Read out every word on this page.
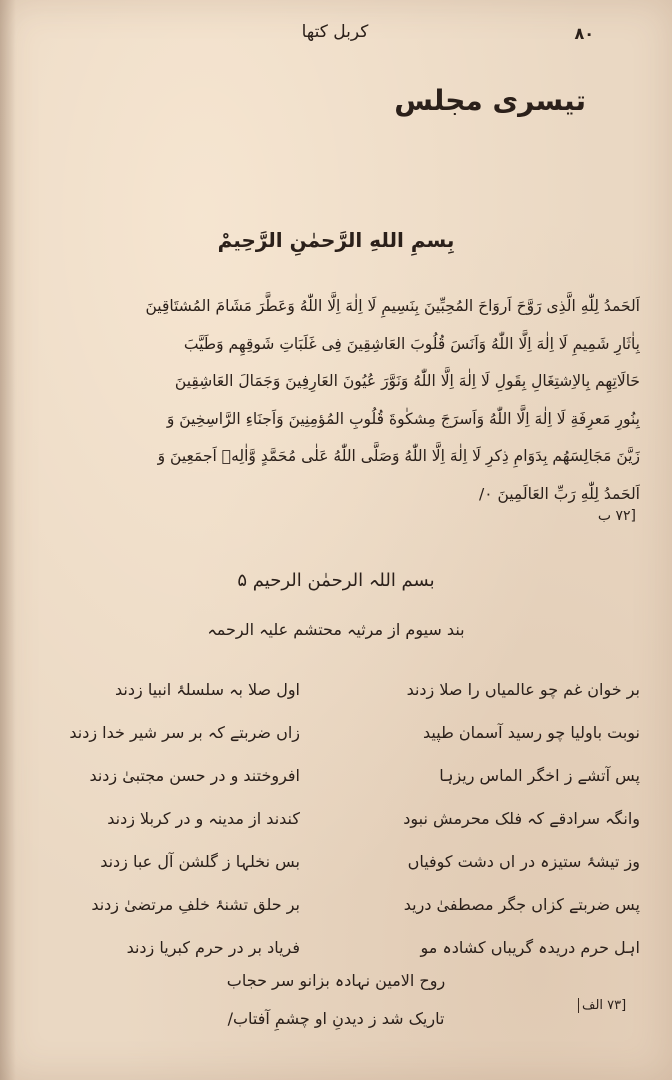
کربل کتھا	۸۰
تیسری مجلس
بِسمِ اللهِ الرَّحمٰنِ الرَّحِيمْ
اَلحَمدُ لِلّٰهِ الَّذِی رَوَّحَ اَروَاحَ المُحِبِّینَ بِنَسِیمِ لَا اِلٰهَ اِلَّا اللّٰهُ وَعَطَّرَ مَشَامَ المُشتَاقِینَ
بِاٰثَارِ شَمِیمِ لَا اِلٰهَ اِلَّا اللّٰهُ وَاَنَسَ قُلُوبَ العَاشِقِینَ فِی غَلَبَاتِ شَوقِهِم وَطَیَّبَ
حَالَاتِهِم بِالاِشتِغَالِ بِقَولِ لَا اِلٰهَ اِلَّا اللّٰهُ وَنَوَّرَ عُیُونَ العَارِفِینَ وَجَمَالَ العَاشِقِینَ
بِنُورِ مَعرِفَةِ لَا اِلٰهَ اِلَّا اللّٰهُ وَاَسرَجَ مِشکٰوةَ قُلُوبِ المُؤمِنِینَ وَاَجنَاءِ الرَّاسِخِینَ وَ
زَیَّنَ مَجَالِسَهُم بِدَوَامِ ذِکرِ لَا اِلٰهَ اِلَّا اللّٰهُ وَصَلَّی اللّٰهُ عَلٰی مُحَمَّدٍ وَّاٰلِهٖ اَجمَعِینَ وَ
اَلحَمدُ لِلّٰهِ رَبِّ العَالَمِینَ ۰/
[۷۲ ب
بسم اللہ الرحمٰن الرحیم ۵
بند سیوم از مرثیہ محتشم علیہ الرحمہ
بر خوانِ غم چو عالمیاں را صلا زدند
اول صلا بہ سلسلۂ انبیا زدند
نوبت باولیا چو رسید آسمان طپید
زاں ضربتے کہ بر سرِ شیرِ خدا زدند
پس آتشے ز اخگرِ الماس ریزہا
افروختند و در حسنِ مجتبیٰ زدند
وانگہ سرادقے کہ فلک محرمش نبود
کندند از مدینہ و در کربلا زدند
وز تیشۂ ستیزہ در اں دشت کوفیاں
بس نخلہا ز گلشنِ آلِ عبا زدند
پس ضربتے کزاں جگرِ مصطفیٰ درید
بر حلقِ تشنۂ خلفِ مرتضیٰ زدند
اہلِ حرم دریدہ گریباں کشادہ مو
فریاد بر درِ حرمِ کبریا زدند
روح الامین نہادہ بزانو سر حجاب
تاریک شد ز دیدنِ او چشمِ آفتاب/
[۷۳ الف
